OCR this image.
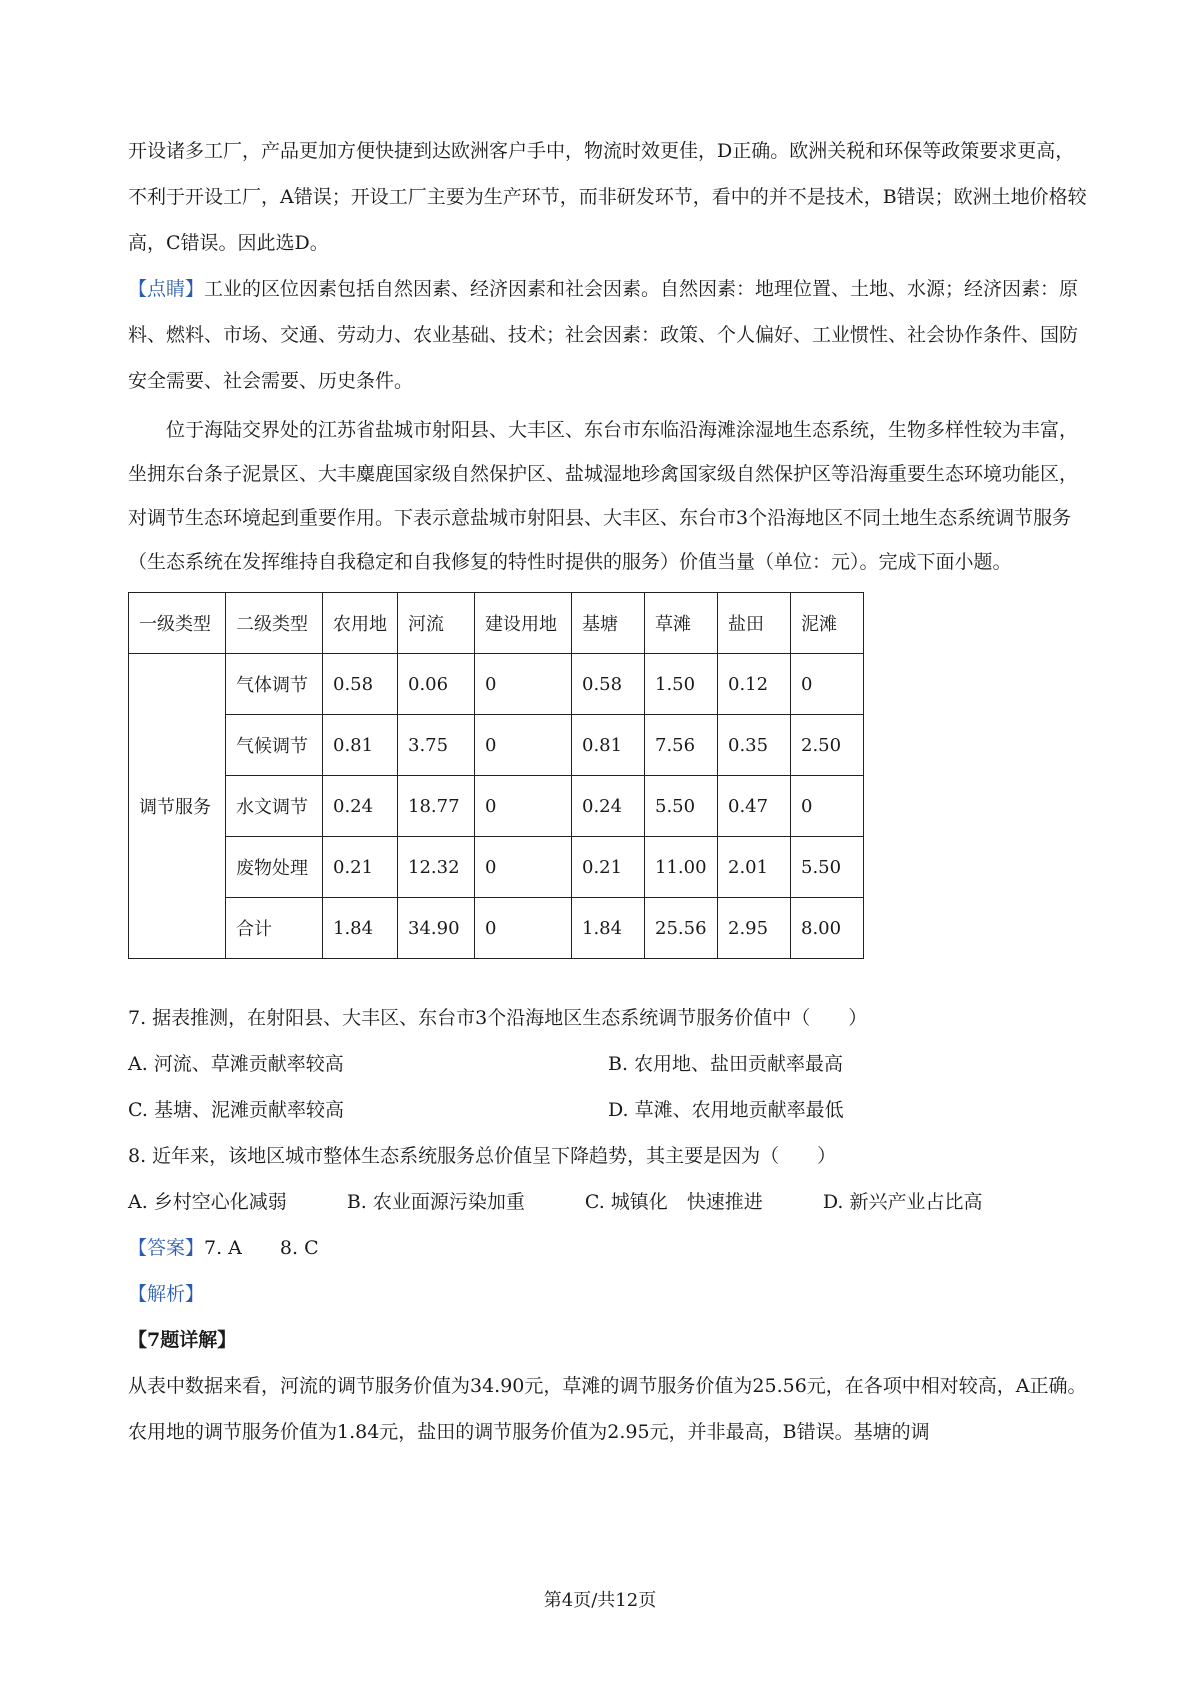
开设诸多工厂，产品更加方便快捷到达欧洲客户手中，物流时效更佳，D正确。欧洲关税和环保等政策要求更高，不利于开设工厂，A错误；开设工厂主要为生产环节，而非研发环节，看中的并不是技术，B错误；欧洲土地价格较高，C错误。因此选D。

【点睛】工业的区位因素包括自然因素、经济因素和社会因素。自然因素：地理位置、土地、水源；经济因素：原料、燃料、市场、交通、劳动力、农业基础、技术；社会因素：政策、个人偏好、工业惯性、社会协作条件、国防安全需要、社会需要、历史条件。

位于海陆交界处的江苏省盐城市射阳县、大丰区、东台市东临沿海滩涂湿地生态系统，生物多样性较为丰富，坐拥东台条子泥景区、大丰麋鹿国家级自然保护区、盐城湿地珍禽国家级自然保护区等沿海重要生态环境功能区，对调节生态环境起到重要作用。下表示意盐城市射阳县、大丰区、东台市3个沿海地区不同土地生态系统调节服务（生态系统在发挥维持自我稳定和自我修复的特性时提供的服务）价值当量（单位：元）。完成下面小题。

一级类型	二级类型	农用地	河流	建设用地	基塘	草滩	盐田	泥滩
调节服务	气体调节	0.58	0.06	0	0.58	1.50	0.12	0
	气候调节	0.81	3.75	0	0.81	7.56	0.35	2.50
	水文调节	0.24	18.77	0	0.24	5.50	0.47	0
	废物处理	0.21	12.32	0	0.21	11.00	2.01	5.50
	合计	1.84	34.90	0	1.84	25.56	2.95	8.00

7. 据表推测，在射阳县、大丰区、东台市3个沿海地区生态系统调节服务价值中（　　）

A. 河流、草滩贡献率较高	B. 农用地、盐田贡献率最高

C. 基塘、泥滩贡献率较高	D. 草滩、农用地贡献率最低

8. 近年来，该地区城市整体生态系统服务总价值呈下降趋势，其主要是因为（　　）

A. 乡村空心化减弱	B. 农业面源污染加重	C. 城镇化　快速推进	D. 新兴产业占比高

【答案】7. A　　8. C

【解析】

【7题详解】

从表中数据来看，河流的调节服务价值为34.90元，草滩的调节服务价值为25.56元，在各项中相对较高，A正确。农用地的调节服务价值为1.84元，盐田的调节服务价值为2.95元，并非最高，B错误。基塘的调

第4页/共12页
